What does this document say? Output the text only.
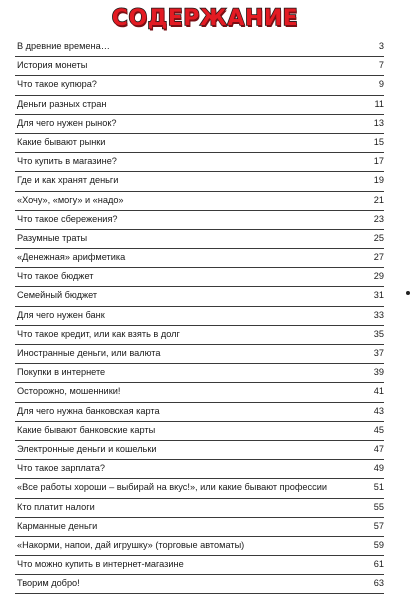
СОДЕРЖАНИЕ
В древние времена…	3
История монеты	7
Что такое купюра?	9
Деньги разных стран	11
Для чего нужен рынок?	13
Какие бывают рынки	15
Что купить в магазине?	17
Где и как хранят деньги	19
«Хочу», «могу» и «надо»	21
Что такое сбережения?	23
Разумные траты	25
«Денежная» арифметика	27
Что такое бюджет	29
Семейный бюджет	31
Для чего нужен банк	33
Что такое кредит, или как взять в долг	35
Иностранные деньги, или валюта	37
Покупки в интернете	39
Осторожно, мошенники!	41
Для чего нужна банковская карта	43
Какие бывают банковские карты	45
Электронные деньги и кошельки	47
Что такое зарплата?	49
«Все работы хороши – выбирай на вкус!», или какие бывают профессии	51
Кто платит налоги	55
Карманные деньги	57
«Накорми, напои, дай игрушку» (торговые автоматы)	59
Что можно купить в интернет-магазине	61
Творим добро!	63
